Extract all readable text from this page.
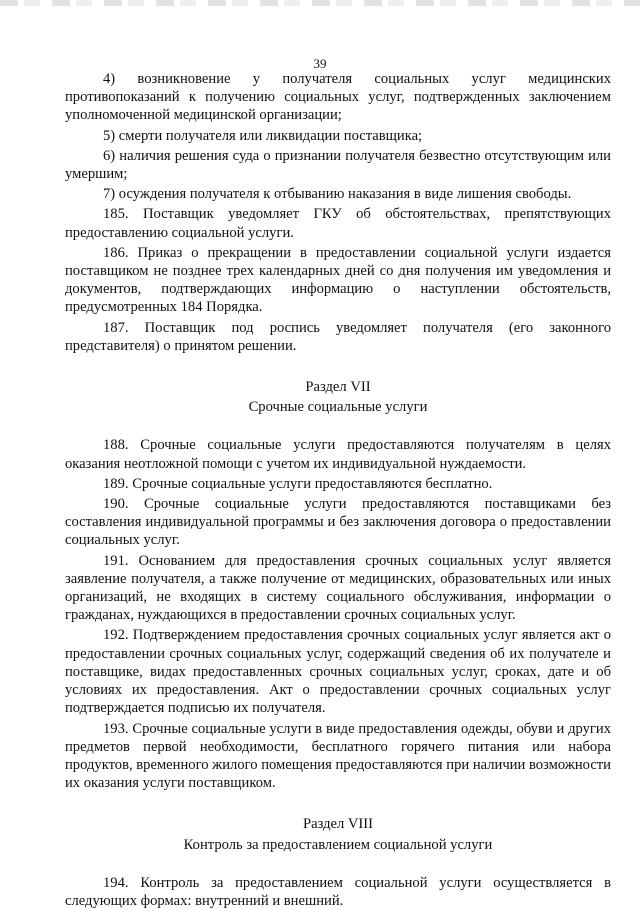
39

4) возникновение у получателя социальных услуг медицинских противопоказаний к получению социальных услуг, подтвержденных заключением уполномоченной медицинской организации;

5) смерти получателя или ликвидации поставщика;

6) наличия решения суда о признании получателя безвестно отсутствующим или умершим;

7) осуждения получателя к отбыванию наказания в виде лишения свободы.

185. Поставщик уведомляет ГКУ об обстоятельствах, препятствующих предоставлению социальной услуги.

186. Приказ о прекращении в предоставлении социальной услуги издается поставщиком не позднее трех календарных дней со дня получения им уведомления и документов, подтверждающих информацию о наступлении обстоятельств, предусмотренных 184 Порядка.

187. Поставщик под роспись уведомляет получателя (его законного представителя) о принятом решении.

Раздел VII
Срочные социальные услуги

188. Срочные социальные услуги предоставляются получателям в целях оказания неотложной помощи с учетом их индивидуальной нуждаемости.

189. Срочные социальные услуги предоставляются бесплатно.

190. Срочные социальные услуги предоставляются поставщиками без составления индивидуальной программы и без заключения договора о предоставлении социальных услуг.

191. Основанием для предоставления срочных социальных услуг является заявление получателя, а также получение от медицинских, образовательных или иных организаций, не входящих в систему социального обслуживания, информации о гражданах, нуждающихся в предоставлении срочных социальных услуг.

192. Подтверждением предоставления срочных социальных услуг является акт о предоставлении срочных социальных услуг, содержащий сведения об их получателе и поставщике, видах предоставленных срочных социальных услуг, сроках, дате и об условиях их предоставления. Акт о предоставлении срочных социальных услуг подтверждается подписью их получателя.

193. Срочные социальные услуги в виде предоставления одежды, обуви и других предметов первой необходимости, бесплатного горячего питания или набора продуктов, временного жилого помещения предоставляются при наличии возможности их оказания услуги поставщиком.

Раздел VIII
Контроль за предоставлением социальной услуги

194. Контроль за предоставлением социальной услуги осуществляется в следующих формах: внутренний и внешний.
